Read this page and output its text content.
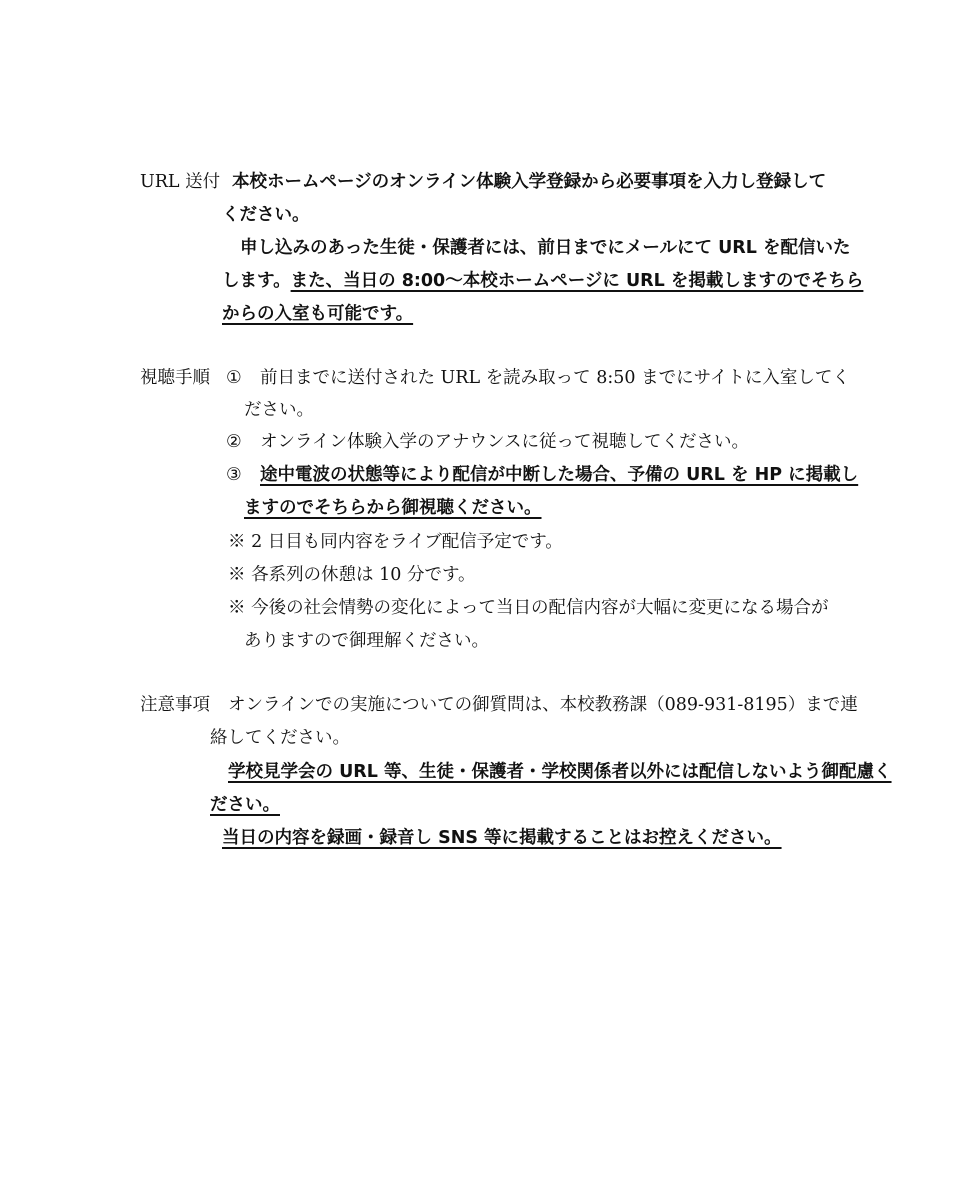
URL 送付 本校ホームページのオンライン体験入学登録から必要事項を入力し登録して
ください。
申し込みのあった生徒・保護者には、前日までにメールにて URL を配信いた
します。また、当日の 8:00～本校ホームページに URL を掲載しますのでそちら
からの入室も可能です。
視聴手順 ① 前日までに送付された URL を読み取って 8:50 までにサイトに入室してく
ださい。
② オンライン体験入学のアナウンスに従って視聴してください。
③ 途中電波の状態等により配信が中断した場合、予備の URL を HP に掲載し
ますのでそちらから御視聴ください。
※ 2 日目も同内容をライブ配信予定です。
※ 各系列の休憩は 10 分です。
※ 今後の社会情勢の変化によって当日の配信内容が大幅に変更になる場合が
ありますので御理解ください。
注意事項 オンラインでの実施についての御質問は、本校教務課（089-931-8195）まで連
絡してください。
学校見学会の URL 等、生徒・保護者・学校関係者以外には配信しないよう御配慮く
ださい。
当日の内容を録画・録音し SNS 等に掲載することはお控えください。
